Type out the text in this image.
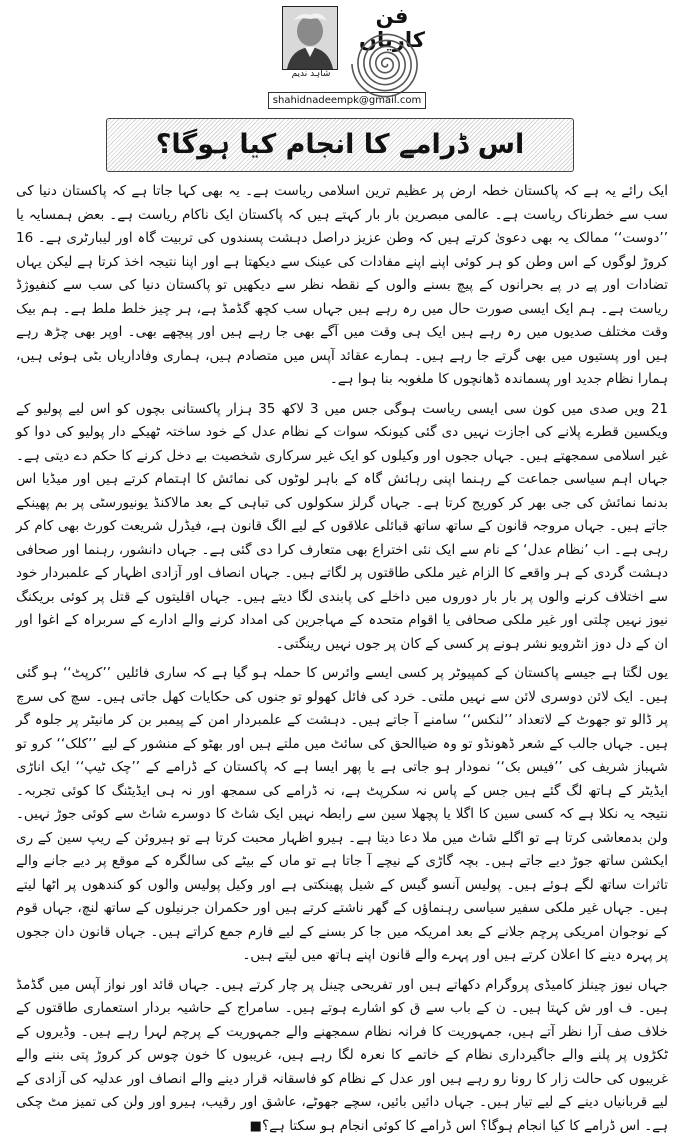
فن کاریاں
شاہد ندیم
shahidnadeempk@gmail.com
اس ڈرامے کا انجام کیا ہوگا؟

ایک رائے یہ ہے کہ پاکستان خطہ ارض پر عظیم ترین اسلامی ریاست ہے۔ یہ بھی کہا جاتا ہے کہ پاکستان دنیا کی سب سے خطرناک ریاست ہے۔ عالمی مبصرین بار بار کہتے ہیں کہ پاکستان ایک ناکام ریاست ہے۔ بعض ہمسایہ یا ’’دوست‘‘ ممالک یہ بھی دعویٰ کرتے ہیں کہ وطن عزیز دراصل دہشت پسندوں کی تربیت گاہ اور لیبارٹری ہے۔ 16 کروڑ لوگوں کے اس وطن کو ہر کوئی اپنے اپنے مفادات کی عینک سے دیکھتا ہے اور اپنا نتیجہ اخذ کرتا ہے لیکن یہاں تضادات اور پے در پے بحرانوں کے پیچ بسنے والوں کے نقطہ نظر سے دیکھیں تو پاکستان دنیا کی سب سے کنفیوژڈ ریاست ہے۔ ہم ایک ایسی صورت حال میں رہ رہے ہیں جہاں سب کچھ گڈمڈ ہے، ہر چیز خلط ملط ہے۔ ہم بیک وقت مختلف صدیوں میں رہ رہے ہیں ایک ہی وقت میں آگے بھی جا رہے ہیں اور پیچھے بھی۔ اوپر بھی چڑھ رہے ہیں اور پستیوں میں بھی گرتے جا رہے ہیں۔ ہمارے عقائد آپس میں متصادم ہیں، ہماری وفاداریاں بٹی ہوئی ہیں، ہمارا نظام جدید اور پسماندہ ڈھانچوں کا ملغوبہ بنا ہوا ہے۔

21 ویں صدی میں کون سی ایسی ریاست ہوگی جس میں 3 لاکھ 35 ہزار پاکستانی بچوں کو اس لیے پولیو کے ویکسین قطرے پلانے کی اجازت نہیں دی گئی کیونکہ سوات کے نظام عدل کے خود ساختہ ٹھیکے دار پولیو کی دوا کو غیر اسلامی سمجھتے ہیں۔ جہاں ججوں اور وکیلوں کو ایک غیر سرکاری شخصیت بے دخل کرنے کا حکم دے دیتی ہے۔ جہاں اہم سیاسی جماعت کے رہنما اپنی رہائش گاہ کے باہر لوٹوں کی نمائش کا اہتمام کرتے ہیں اور میڈیا اس بدنما نمائش کی جی بھر کر کوریج کرتا ہے۔ جہاں گرلز سکولوں کی تباہی کے بعد مالاکنڈ یونیورسٹی پر بم پھینکے جاتے ہیں۔ جہاں مروجہ قانون کے ساتھ ساتھ قبائلی علاقوں کے لیے الگ قانون ہے، فیڈرل شریعت کورٹ بھی کام کر رہی ہے۔ اب ’نظام عدل‘ کے نام سے ایک نئی اختراع بھی متعارف کرا دی گئی ہے۔ جہاں دانشور، رہنما اور صحافی دہشت گردی کے ہر واقعے کا الزام غیر ملکی طاقتوں پر لگاتے ہیں۔ جہاں انصاف اور آزادی اظہار کے علمبردار خود سے اختلاف کرنے والوں پر بار بار دوروں میں داخلے کی پابندی لگا دیتے ہیں۔ جہاں اقلیتوں کے قتل پر کوئی بریکنگ نیوز نہیں چلتی اور غیر ملکی صحافی یا اقوام متحدہ کے مہاجرین کی امداد کرنے والے ادارے کے سربراہ کے اغوا اور ان کے دل دوز انٹرویو نشر ہونے پر کسی کے کان پر جوں نہیں رینگتی۔

یوں لگتا ہے جیسے پاکستان کے کمپیوٹر پر کسی ایسے وائرس کا حملہ ہو گیا ہے کہ ساری فائلیں ’’کرپٹ‘‘ ہو گئی ہیں۔ ایک لائن دوسری لائن سے نہیں ملتی۔ خرد کی فائل کھولو تو جنوں کی حکایات کھل جاتی ہیں۔ سچ کی سرچ پر ڈالو تو جھوٹ کے لاتعداد ’’لنکس‘‘ سامنے آ جاتے ہیں۔ دہشت کے علمبردار امن کے پیمبر بن کر مانیٹر پر جلوہ گر ہیں۔ جہاں جالب کے شعر ڈھونڈو تو وہ ضیاالحق کی سائٹ میں ملتے ہیں اور بھٹو کے منشور کے لیے ’’کلک‘‘ کرو تو شہباز شریف کی ’’فیس بک‘‘ نمودار ہو جاتی ہے یا پھر ایسا ہے کہ پاکستان کے ڈرامے کے ’’چک ٹیپ‘‘ ایک اناڑی ایڈیٹر کے ہاتھ لگ گئے ہیں جس کے پاس نہ سکرپٹ ہے، نہ ڈرامے کی سمجھ اور نہ ہی ایڈیٹنگ کا کوئی تجربہ۔ نتیجہ یہ نکلا ہے کہ کسی سین کا اگلا یا پچھلا سین سے رابطہ نہیں ایک شاٹ کا دوسرے شاٹ سے کوئی جوڑ نہیں۔ ولن بدمعاشی کرتا ہے تو اگلے شاٹ میں ملا دعا دیتا ہے۔ ہیرو اظہار محبت کرتا ہے تو ہیروئن کے ریپ سین کے ری ایکشن ساتھ جوڑ دیے جاتے ہیں۔ بچہ گاڑی کے نیچے آ جاتا ہے تو ماں کے بیٹے کی سالگرہ کے موقع پر دیے جانے والے تاثرات ساتھ لگے ہوئے ہیں۔ پولیس آنسو گیس کے شیل پھینکتی ہے اور وکیل پولیس والوں کو کندھوں پر اٹھا لیتے ہیں۔ جہاں غیر ملکی سفیر سیاسی رہنماؤں کے گھر ناشتے کرتے ہیں اور حکمران جرنیلوں کے ساتھ لنچ، جہاں قوم کے نوجوان امریکی پرچم جلانے کے بعد امریکہ میں جا کر بسنے کے لیے فارم جمع کراتے ہیں۔ جہاں قانون دان ججوں پر پہرہ دینے کا اعلان کرتے ہیں اور پہرے والے قانون اپنے ہاتھ میں لیتے ہیں۔

جہاں نیوز چینلز کامیڈی پروگرام دکھاتے ہیں اور تفریحی چینل پر چار کرتے ہیں۔ جہاں قائد اور نواز آپس میں گڈمڈ ہیں۔ ف اور ش کہتا ہیں۔ ن کے باب سے ق کو اشارے ہوتے ہیں۔ سامراج کے حاشیہ بردار استعماری طاقتوں کے خلاف صف آرا نظر آتے ہیں، جمہوریت کا فرانہ نظام سمجھنے والے جمہوریت کے پرچم لہرا رہے ہیں۔ وڈیروں کے ٹکڑوں پر پلنے والے جاگیرداری نظام کے خاتمے کا نعرہ لگا رہے ہیں، غریبوں کا خون چوس کر کروڑ پتی بننے والے غریبوں کی حالت زار کا رونا رو رہے ہیں اور عدل کے نظام کو فاسقانہ قرار دینے والے انصاف اور عدلیہ کی آزادی کے لیے قربانیاں دینے کے لیے تیار ہیں۔ جہاں دائیں بائیں، سچے جھوٹے، عاشق اور رقیب، ہیرو اور ولن کی تمیز مٹ چکی ہے۔ اس ڈرامے کا کیا انجام ہوگا؟ اس ڈرامے کا کوئی انجام ہو سکتا ہے؟■
